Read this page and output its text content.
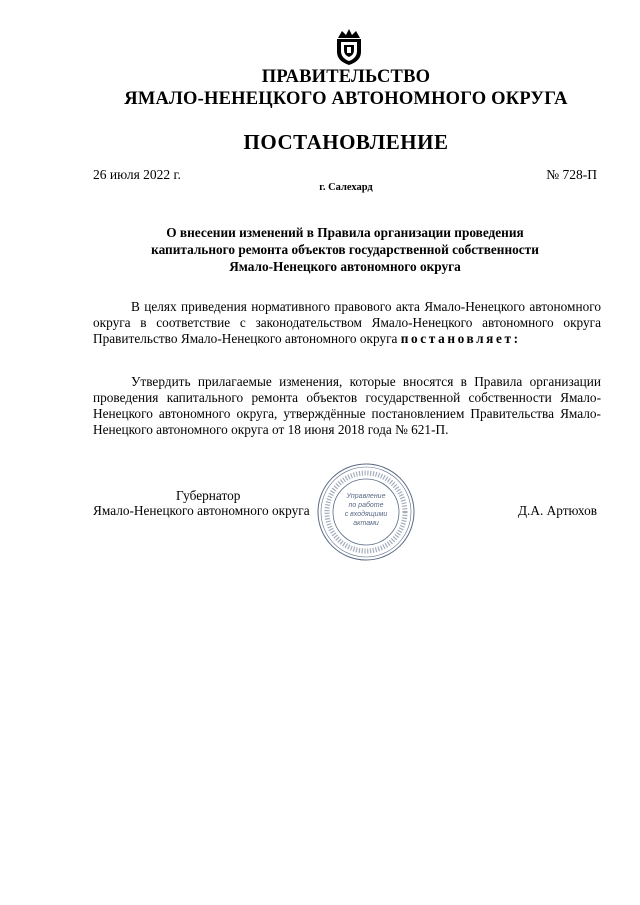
ПРАВИТЕЛЬСТВО
ЯМАЛО-НЕНЕЦКОГО АВТОНОМНОГО ОКРУГА
ПОСТАНОВЛЕНИЕ
26 июля 2022 г.	№ 728-П
г. Салехард
О внесении изменений в Правила организации проведения
капитального ремонта объектов государственной собственности
Ямало-Ненецкого автономного округа
В целях приведения нормативного правового акта Ямало-Ненецкого автономного округа в соответствие с законодательством Ямало-Ненецкого автономного округа Правительство Ямало-Ненецкого автономного округа постановляет:
Утвердить прилагаемые изменения, которые вносятся в Правила организации проведения капитального ремонта объектов государственной собственности Ямало-Ненецкого автономного округа, утверждённые постановлением Правительства Ямало-Ненецкого автономного округа от 18 июня 2018 года № 621-П.
Губернатор
Ямало-Ненецкого автономного округа	Д.А. Артюхов
Управление
по работе
с входящими
актами
